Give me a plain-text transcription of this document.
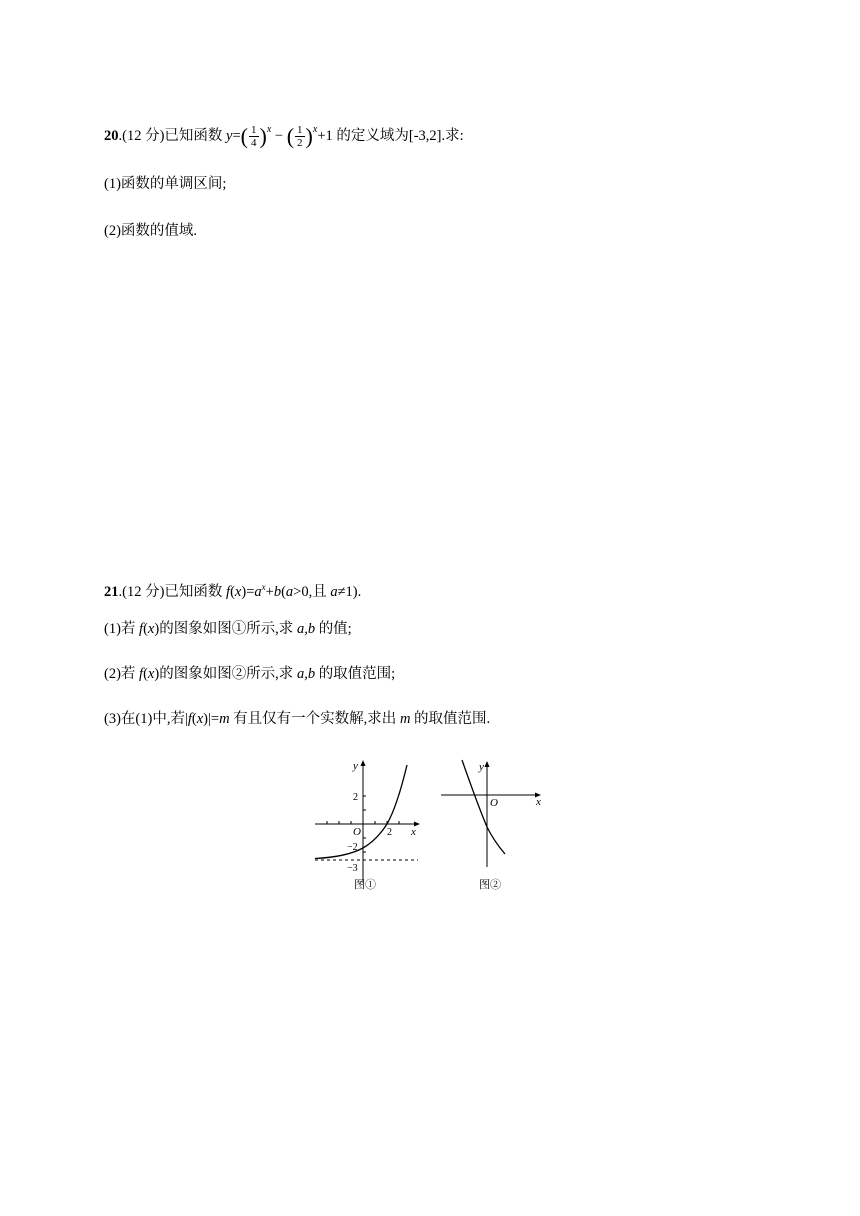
20.(12 分)已知函数 $y=( \frac{1}{4} )^x$ − ( $\frac{1}{2} )^x+1$ 的定义域为[-3,2].求:
(1)函数的单调区间;
(2)函数的值域.
21.(12 分)已知函数 $f(x)=a^x+b(a>0$,且 a≠1).
(1)若 f(x)的图象如图①所示,求 a,b 的值;
(2)若 f(x)的图象如图②所示,求 a,b 的取值范围;
(3)在(1)中,若|f(x)|=m 有且仅有一个实数解,求出 m 的取值范围.
y
x
O
2
2
−2
−3
图①
y
x
O
图②
